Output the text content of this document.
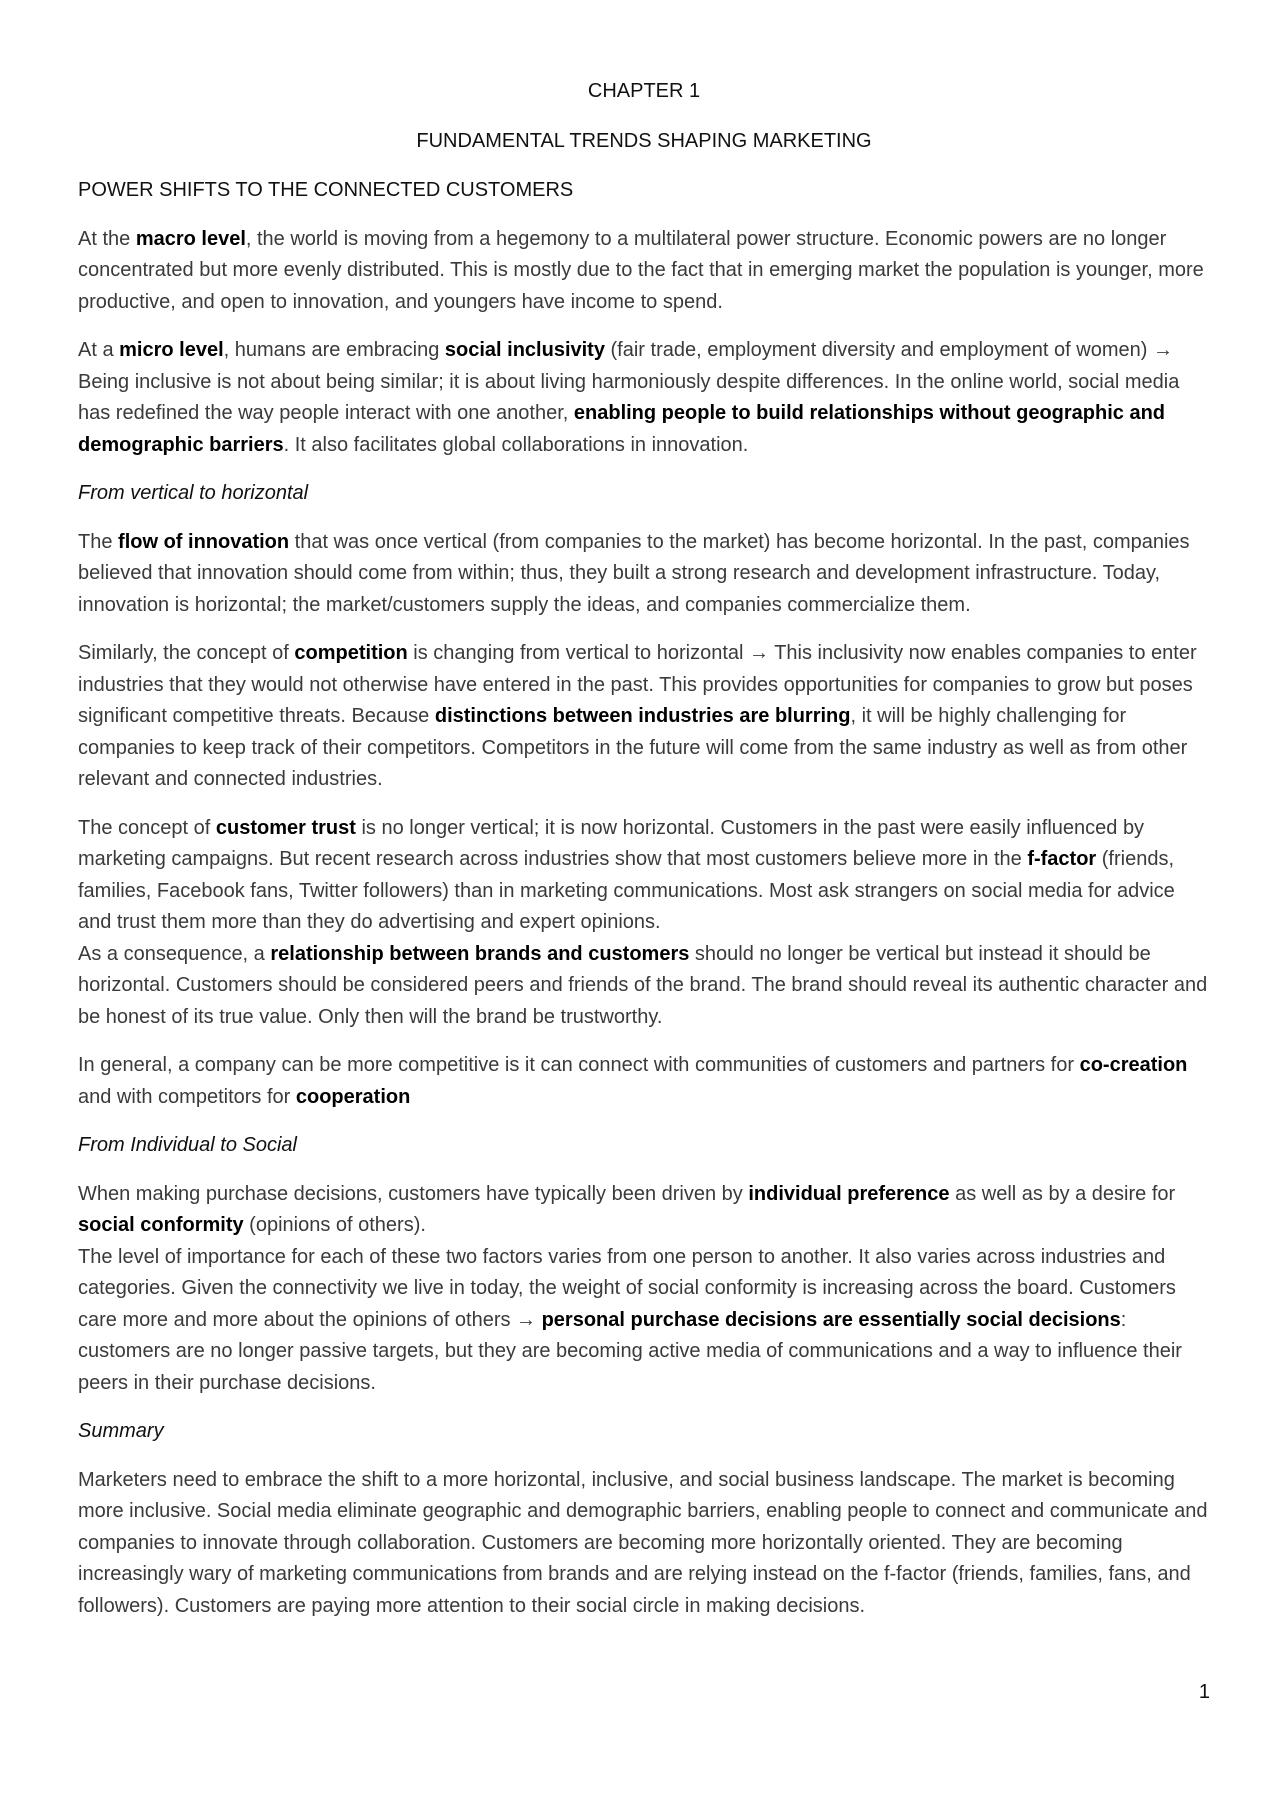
CHAPTER 1
FUNDAMENTAL TRENDS SHAPING MARKETING
POWER SHIFTS TO THE CONNECTED CUSTOMERS

At the macro level, the world is moving from a hegemony to a multilateral power structure. Economic powers are no longer concentrated but more evenly distributed. This is mostly due to the fact that in emerging market the population is younger, more productive, and open to innovation, and youngers have income to spend.

At a micro level, humans are embracing social inclusivity (fair trade, employment diversity and employment of women) → Being inclusive is not about being similar; it is about living harmoniously despite differences. In the online world, social media has redefined the way people interact with one another, enabling people to build relationships without geographic and demographic barriers. It also facilitates global collaborations in innovation.

From vertical to horizontal

The flow of innovation that was once vertical (from companies to the market) has become horizontal. In the past, companies believed that innovation should come from within; thus, they built a strong research and development infrastructure. Today, innovation is horizontal; the market/customers supply the ideas, and companies commercialize them.

Similarly, the concept of competition is changing from vertical to horizontal → This inclusivity now enables companies to enter industries that they would not otherwise have entered in the past. This provides opportunities for companies to grow but poses significant competitive threats. Because distinctions between industries are blurring, it will be highly challenging for companies to keep track of their competitors. Competitors in the future will come from the same industry as well as from other relevant and connected industries.

The concept of customer trust is no longer vertical; it is now horizontal. Customers in the past were easily influenced by marketing campaigns. But recent research across industries show that most customers believe more in the f-factor (friends, families, Facebook fans, Twitter followers) than in marketing communications. Most ask strangers on social media for advice and trust them more than they do advertising and expert opinions.
As a consequence, a relationship between brands and customers should no longer be vertical but instead it should be horizontal. Customers should be considered peers and friends of the brand. The brand should reveal its authentic character and be honest of its true value. Only then will the brand be trustworthy.

In general, a company can be more competitive is it can connect with communities of customers and partners for co-creation and with competitors for cooperation

From Individual to Social

When making purchase decisions, customers have typically been driven by individual preference as well as by a desire for social conformity (opinions of others).
The level of importance for each of these two factors varies from one person to another. It also varies across industries and categories. Given the connectivity we live in today, the weight of social conformity is increasing across the board. Customers care more and more about the opinions of others → personal purchase decisions are essentially social decisions: customers are no longer passive targets, but they are becoming active media of communications and a way to influence their peers in their purchase decisions.

Summary

Marketers need to embrace the shift to a more horizontal, inclusive, and social business landscape. The market is becoming more inclusive. Social media eliminate geographic and demographic barriers, enabling people to connect and communicate and companies to innovate through collaboration. Customers are becoming more horizontally oriented. They are becoming increasingly wary of marketing communications from brands and are relying instead on the f-factor (friends, families, fans, and followers). Customers are paying more attention to their social circle in making decisions.

1
